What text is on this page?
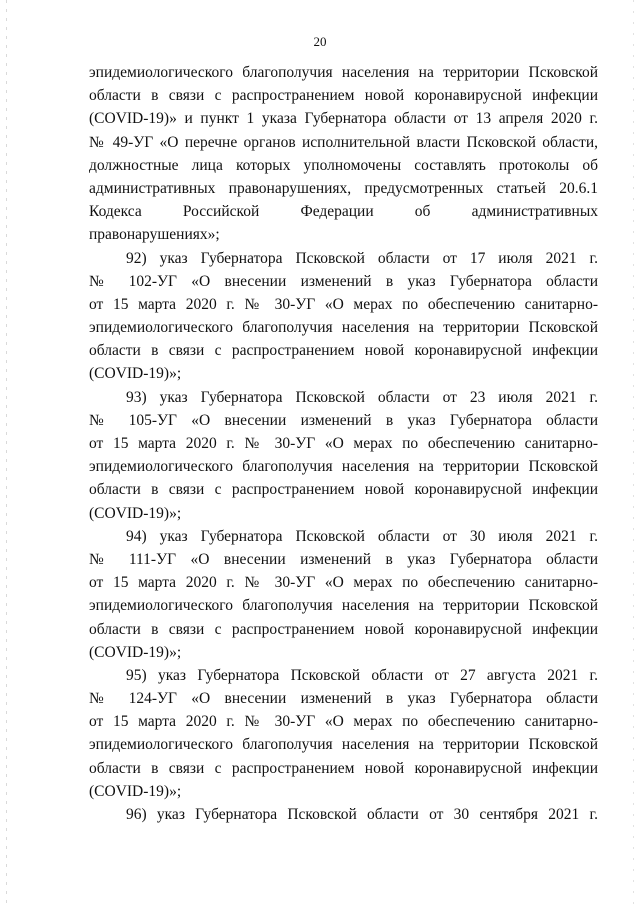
20
эпидемиологического благополучия населения на территории Псковской
области в связи с распространением новой коронавирусной инфекции
(COVID-19)» и пункт 1 указа Губернатора области от 13 апреля 2020 г.
№ 49-УГ «О перечне органов исполнительной власти Псковской области,
должностные лица которых уполномочены составлять протоколы об
административных правонарушениях, предусмотренных статьей 20.6.1
Кодекса Российской Федерации об административных
правонарушениях»;
92) указ Губернатора Псковской области от 17 июля 2021 г.
№ 102-УГ «О внесении изменений в указ Губернатора области
от 15 марта 2020 г. № 30-УГ «О мерах по обеспечению санитарно-
эпидемиологического благополучия населения на территории Псковской
области в связи с распространением новой коронавирусной инфекции
(COVID-19)»;
93) указ Губернатора Псковской области от 23 июля 2021 г.
№ 105-УГ «О внесении изменений в указ Губернатора области
от 15 марта 2020 г. № 30-УГ «О мерах по обеспечению санитарно-
эпидемиологического благополучия населения на территории Псковской
области в связи с распространением новой коронавирусной инфекции
(COVID-19)»;
94) указ Губернатора Псковской области от 30 июля 2021 г.
№ 111-УГ «О внесении изменений в указ Губернатора области
от 15 марта 2020 г. № 30-УГ «О мерах по обеспечению санитарно-
эпидемиологического благополучия населения на территории Псковской
области в связи с распространением новой коронавирусной инфекции
(COVID-19)»;
95) указ Губернатора Псковской области от 27 августа 2021 г.
№ 124-УГ «О внесении изменений в указ Губернатора области
от 15 марта 2020 г. № 30-УГ «О мерах по обеспечению санитарно-
эпидемиологического благополучия населения на территории Псковской
области в связи с распространением новой коронавирусной инфекции
(COVID-19)»;
96) указ Губернатора Псковской области от 30 сентября 2021 г.
